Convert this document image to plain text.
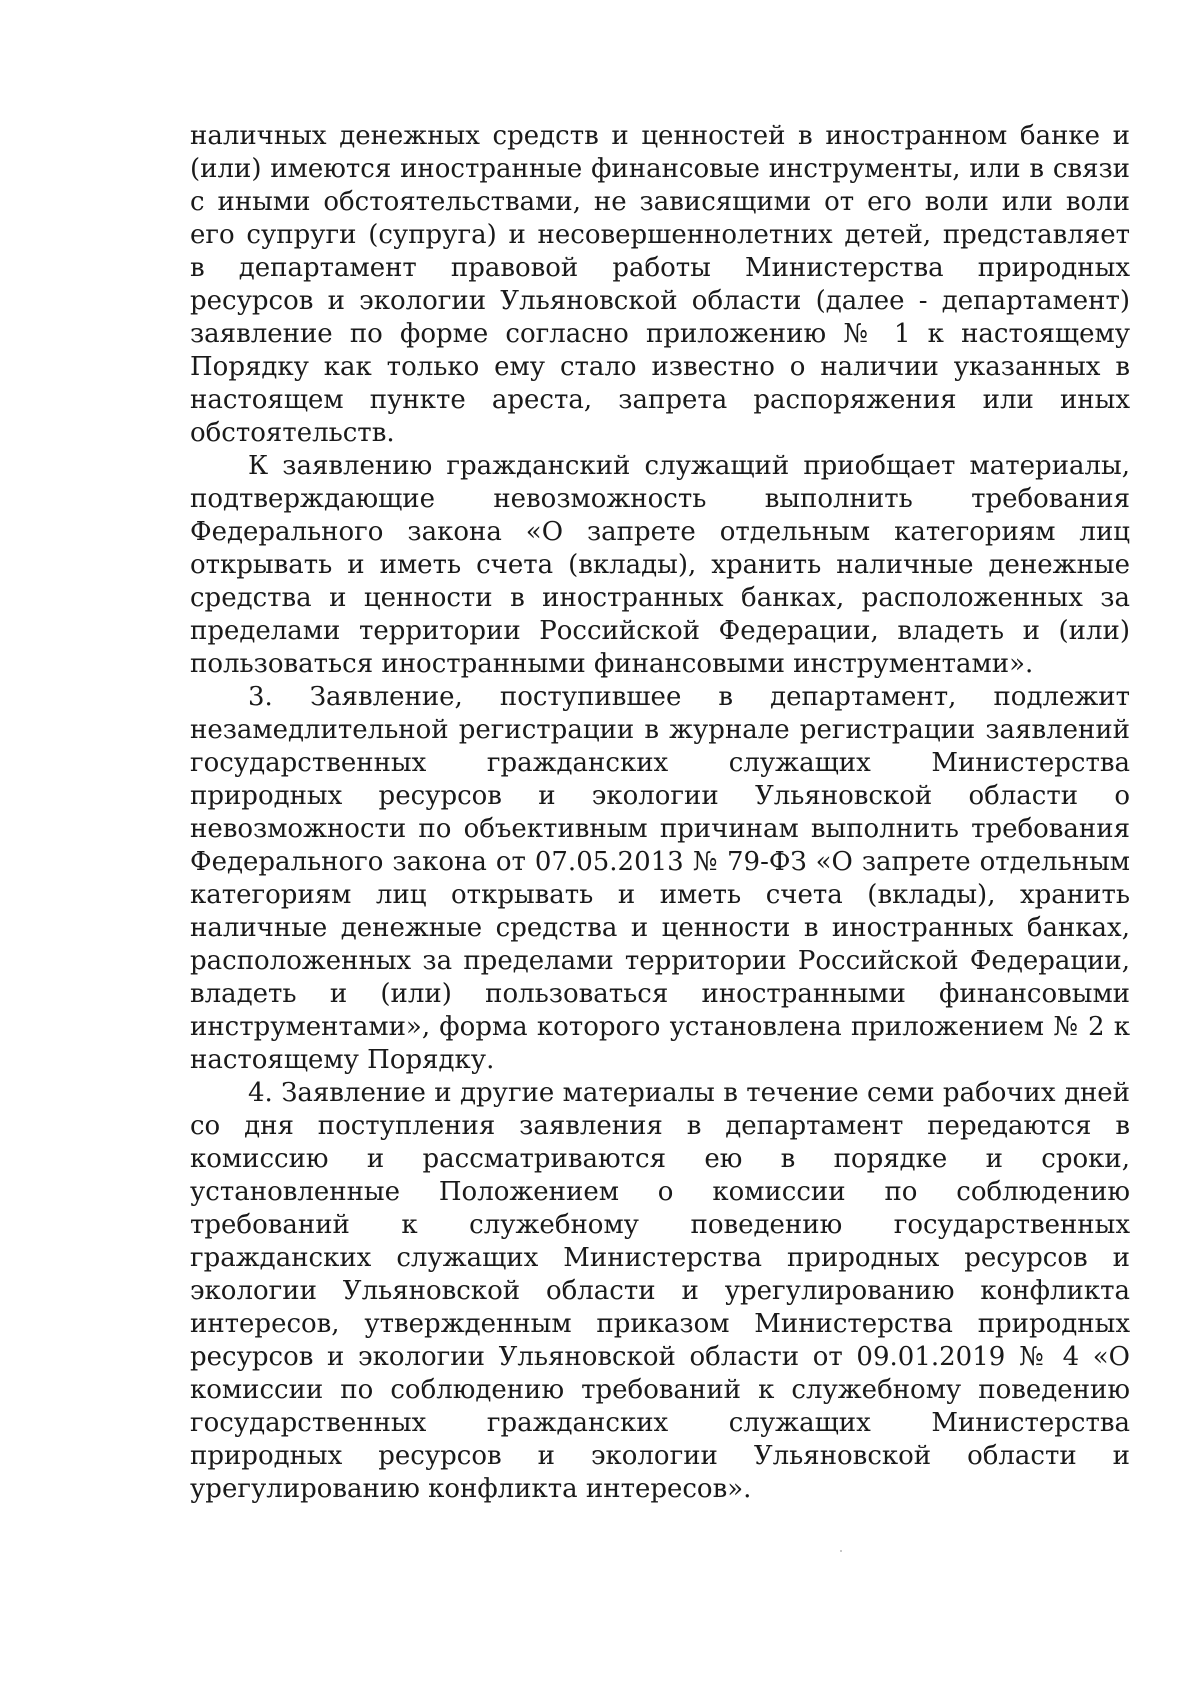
наличных денежных средств и ценностей в иностранном банке и (или) имеются иностранные финансовые инструменты, или в связи с иными обстоятельствами, не зависящими от его воли или воли его супруги (супруга) и несовершеннолетних детей, представляет в департамент правовой работы Министерства природных ресурсов и экологии Ульяновской области (далее - департамент) заявление по форме согласно приложению № 1 к настоящему Порядку как только ему стало известно о наличии указанных в настоящем пункте ареста, запрета распоряжения или иных обстоятельств.

К заявлению гражданский служащий приобщает материалы, подтверждающие невозможность выполнить требования Федерального закона «О запрете отдельным категориям лиц открывать и иметь счета (вклады), хранить наличные денежные средства и ценности в иностранных банках, расположенных за пределами территории Российской Федерации, владеть и (или) пользоваться иностранными финансовыми инструментами».

3. Заявление, поступившее в департамент, подлежит незамедлительной регистрации в журнале регистрации заявлений государственных гражданских служащих Министерства природных ресурсов и экологии Ульяновской области о невозможности по объективным причинам выполнить требования Федерального закона от 07.05.2013 № 79-ФЗ «О запрете отдельным категориям лиц открывать и иметь счета (вклады), хранить наличные денежные средства и ценности в иностранных банках, расположенных за пределами территории Российской Федерации, владеть и (или) пользоваться иностранными финансовыми инструментами», форма которого установлена приложением № 2 к настоящему Порядку.

4. Заявление и другие материалы в течение семи рабочих дней со дня поступления заявления в департамент передаются в комиссию и рассматриваются ею в порядке и сроки, установленные Положением о комиссии по соблюдению требований к служебному поведению государственных гражданских служащих Министерства природных ресурсов и экологии Ульяновской области и урегулированию конфликта интересов, утвержденным приказом Министерства природных ресурсов и экологии Ульяновской области от 09.01.2019 № 4 «О комиссии по соблюдению требований к служебному поведению государственных гражданских служащих Министерства природных ресурсов и экологии Ульяновской области и урегулированию конфликта интересов».
